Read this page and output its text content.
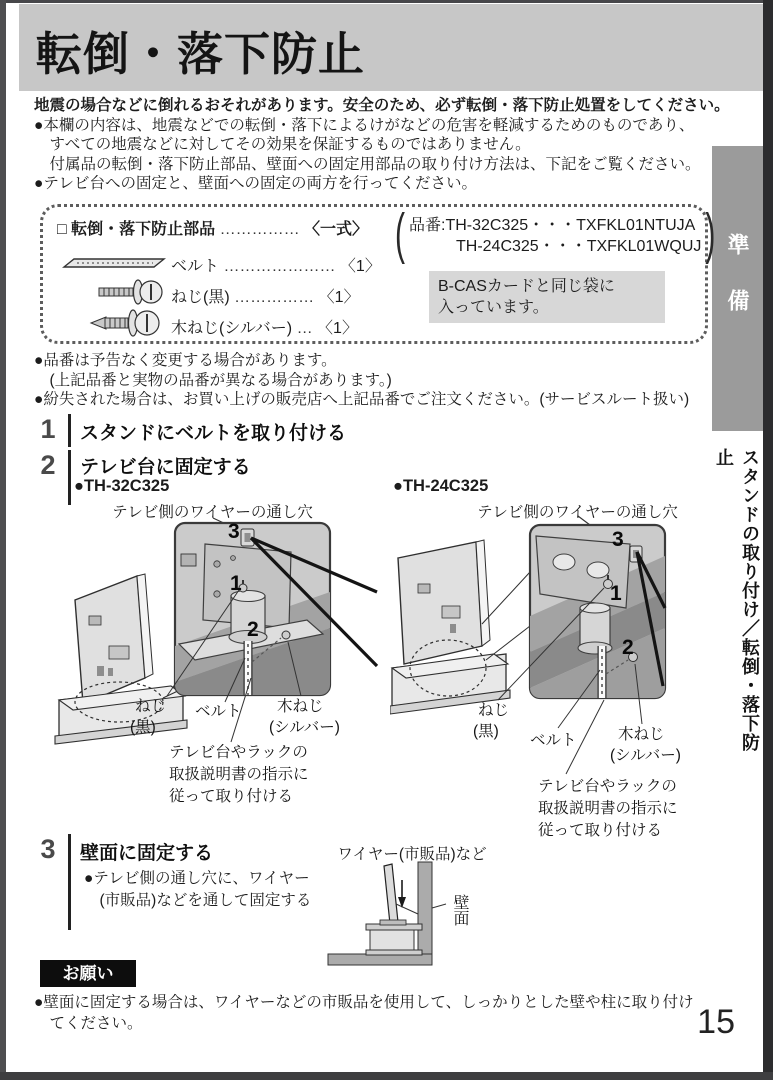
転倒・落下防止
準備
スタンドの取り付け／転倒・落下防止
地震の場合などに倒れるおそれがあります。安全のため、必ず転倒・落下防止処置をしてください。
●本欄の内容は、地震などでの転倒・落下によるけがなどの危害を軽減するためのものであり、
　すべての地震などに対してその効果を保証するものではありません。
　付属品の転倒・落下防止部品、壁面への固定用部品の取り付け方法は、下記をご覧ください。
●テレビ台への固定と、壁面への固定の両方を行ってください。
□ 転倒・落下防止部品 …………… 〈一式〉
ベルト ………………… 〈1〉
ねじ(黒) …………… 〈1〉
木ねじ(シルバー) … 〈1〉
( 品番:TH-32C325・・・TXFKL01NTUJA
TH-24C325・・・TXFKL01WQUJ )
B-CASカードと同じ袋に
入っています。
●品番は予告なく変更する場合があります。
　(上記品番と実物の品番が異なる場合があります。)
●紛失された場合は、お買い上げの販売店へ上記品番でご注文ください。(サービスルート扱い)
1	スタンドにベルトを取り付ける
2	テレビ台に固定する
●TH-32C325	●TH-24C325
テレビ側のワイヤーの通し穴
3
1
2
ねじ
(黒)
ベルト 木ねじ
(シルバー)
テレビ台やラックの
取扱説明書の指示に
従って取り付ける
テレビ側のワイヤーの通し穴
3
1
2
ねじ
(黒)
ベルト	木ねじ
(シルバー)
テレビ台やラックの
取扱説明書の指示に
従って取り付ける
3	壁面に固定する
●テレビ側の通し穴に、ワイヤー
　(市販品)などを通して固定する
ワイヤー(市販品)など
壁面
お願い
●壁面に固定する場合は、ワイヤーなどの市販品を使用して、しっかりとした壁や柱に取り付け
　てください。	15
